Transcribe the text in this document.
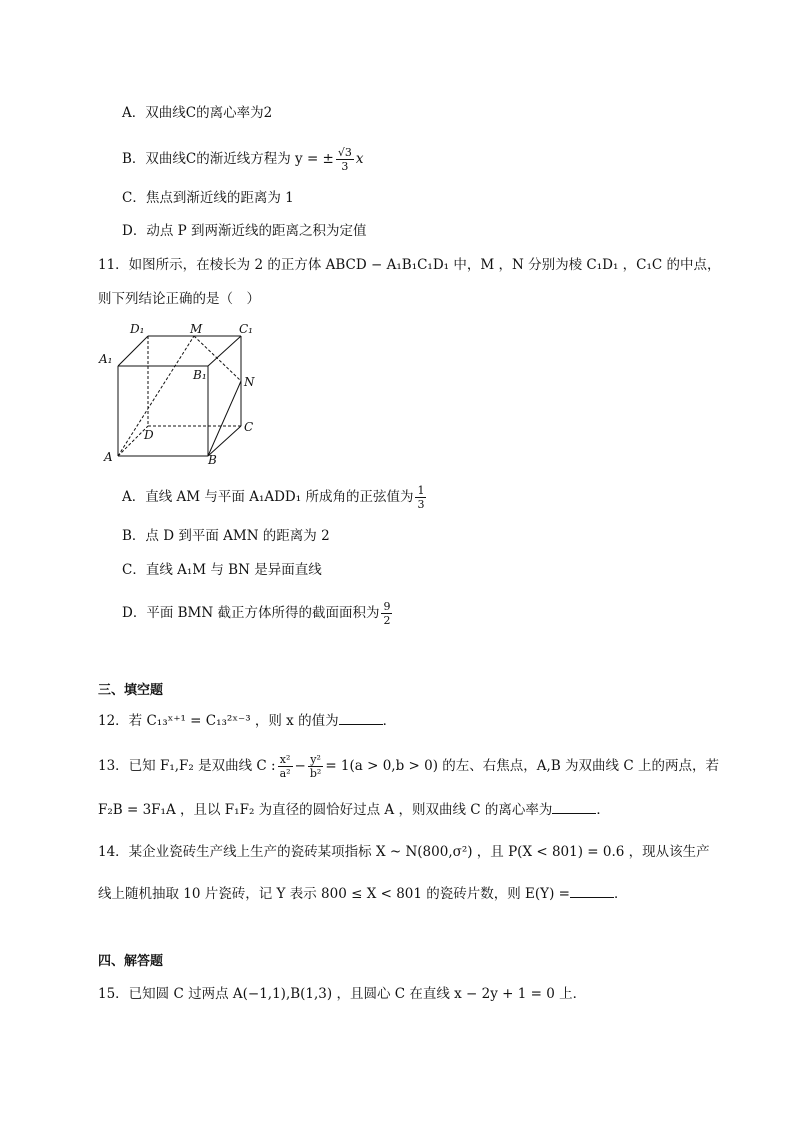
A．双曲线C的离心率为2
B．双曲线C的渐近线方程为 y = ± $\frac{√3}{3}$ x
C．焦点到渐近线的距离为 1
D．动点 P 到两渐近线的距离之积为定值
11．如图所示，在棱长为 2 的正方体 ABCD − A₁B₁C₁D₁ 中，M ，N 分别为棱 C₁D₁ ，C₁C 的中点，
则下列结论正确的是（　）
D₁	M	C₁
A₁
B₁	N
D
C
A	B
A．直线 AM 与平面 A₁ADD₁ 所成角的正弦值为 $\frac{1}{3}$
B．点 D 到平面 AMN 的距离为 2
C．直线 A₁M 与 BN 是异面直线
D．平面 BMN 截正方体所得的截面面积为 $\frac{9}{2}$
三、填空题
12．若 C₁₃ˣ⁺¹ = C₁₃²ˣ⁻³ ，则 x 的值为	．
13．已知 F₁,F₂ 是双曲线 C : $\frac{\text{x²}}{\text{a²}} - \frac{\text{y²}}{\text{b²}} = 1(a > 0,b > 0)$ 的左、右焦点，A,B 为双曲线 C 上的两点，若
F₂B = 3F₁A ，且以 F₁F₂ 为直径的圆恰好过点 A ，则双曲线 C 的离心率为	．
14．某企业瓷砖生产线上生产的瓷砖某项指标 X ~ N(800,σ²) ，且 P(X < 801) = 0.6 ，现从该生产
线上随机抽取 10 片瓷砖，记 Y 表示 800 ≤ X < 801 的瓷砖片数，则 E(Y) =	．
四、解答题
15．已知圆 C 过两点 A(−1,1),B(1,3) ，且圆心 C 在直线 x − 2y + 1 = 0 上．
